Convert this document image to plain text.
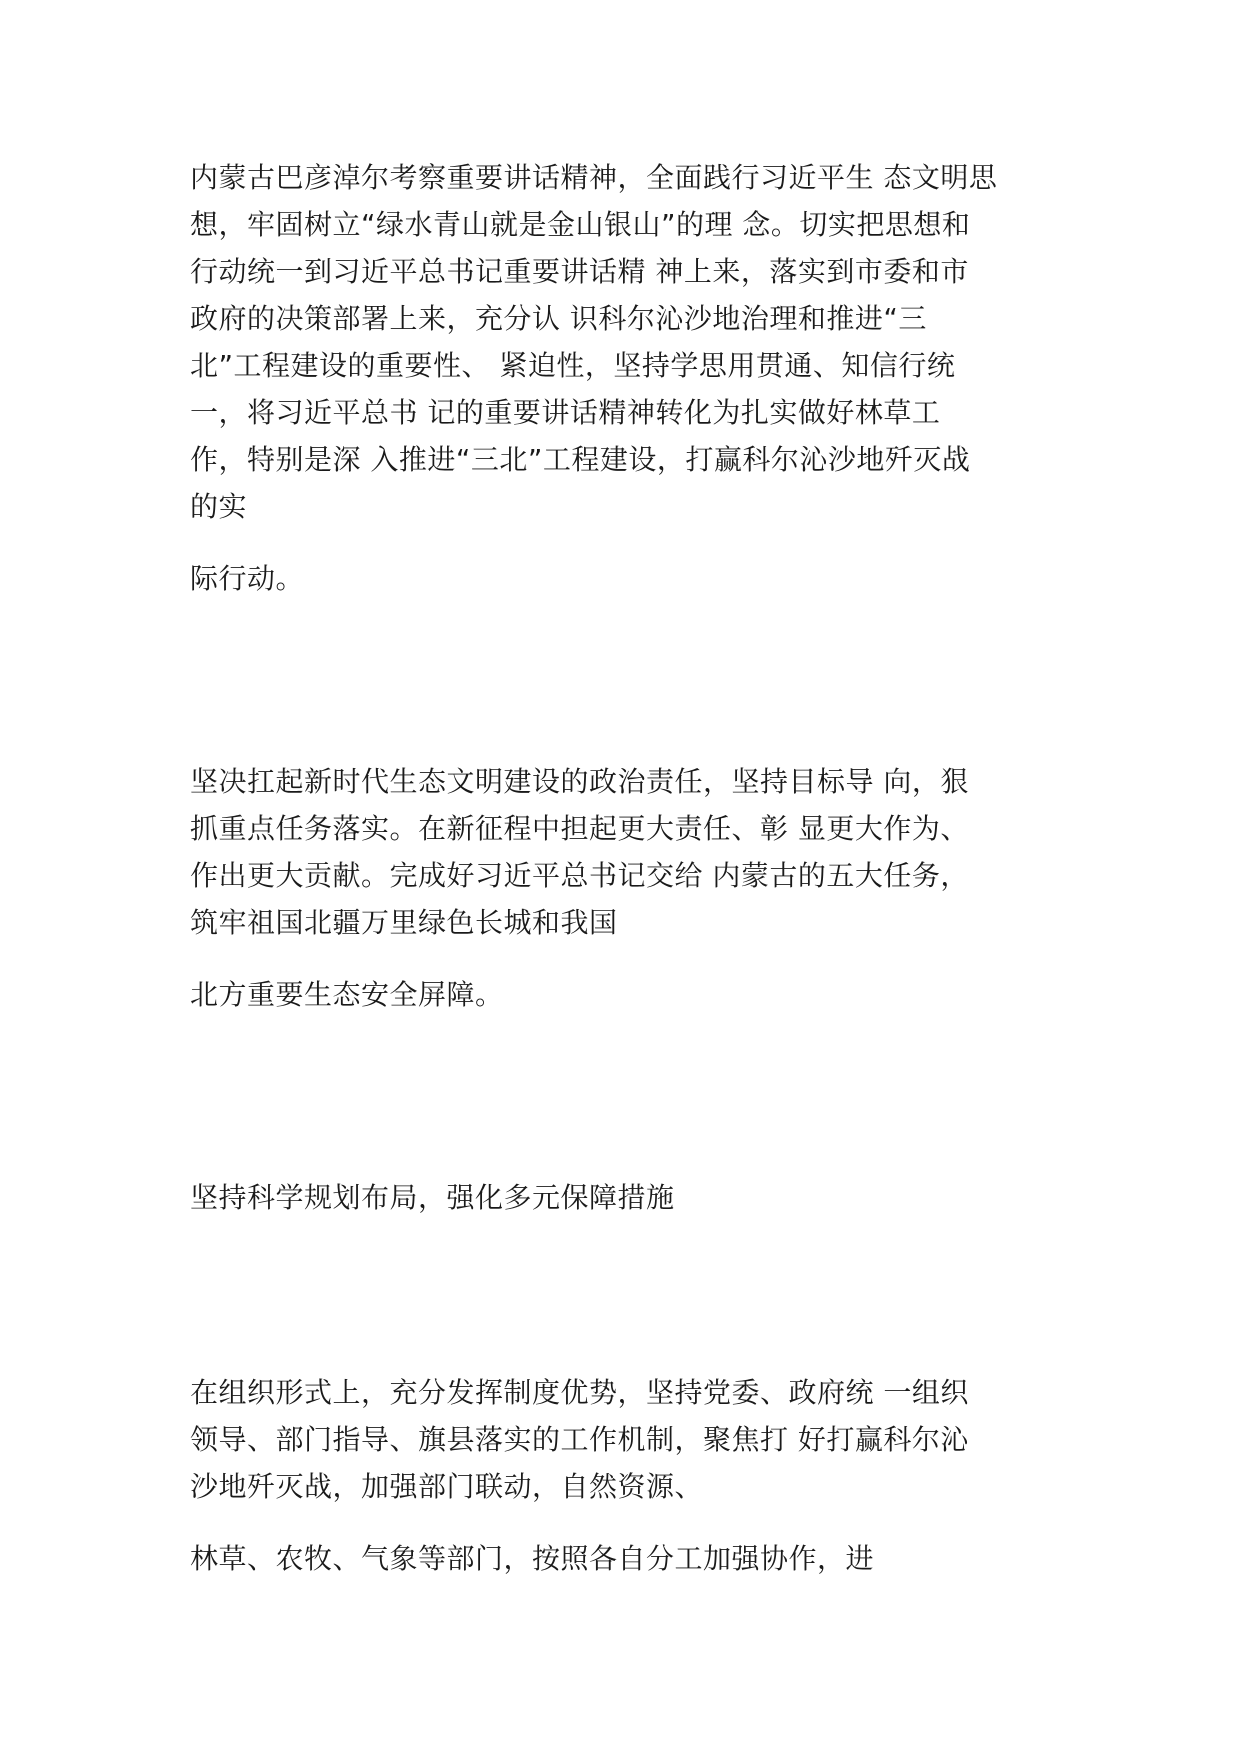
内蒙古巴彦淖尔考察重要讲话精神，全面践行习近平生 态文明思
想，牢固树立“绿水青山就是金山银山”的理 念。切实把思想和
行动统一到习近平总书记重要讲话精 神上来，落实到市委和市
政府的决策部署上来，充分认 识科尔沁沙地治理和推进“三
北”工程建设的重要性、 紧迫性，坚持学思用贯通、知信行统
一，将习近平总书 记的重要讲话精神转化为扎实做好林草工
作，特别是深 入推进“三北”工程建设，打赢科尔沁沙地歼灭战
的实
际行动。
坚决扛起新时代生态文明建设的政治责任，坚持目标导 向，狠
抓重点任务落实。在新征程中担起更大责任、彰 显更大作为、
作出更大贡献。完成好习近平总书记交给 内蒙古的五大任务，
筑牢祖国北疆万里绿色长城和我国
北方重要生态安全屏障。
坚持科学规划布局，强化多元保障措施
在组织形式上，充分发挥制度优势，坚持党委、政府统 一组织
领导、部门指导、旗县落实的工作机制，聚焦打 好打赢科尔沁
沙地歼灭战，加强部门联动，自然资源、
林草、农牧、气象等部门，按照各自分工加强协作，进
